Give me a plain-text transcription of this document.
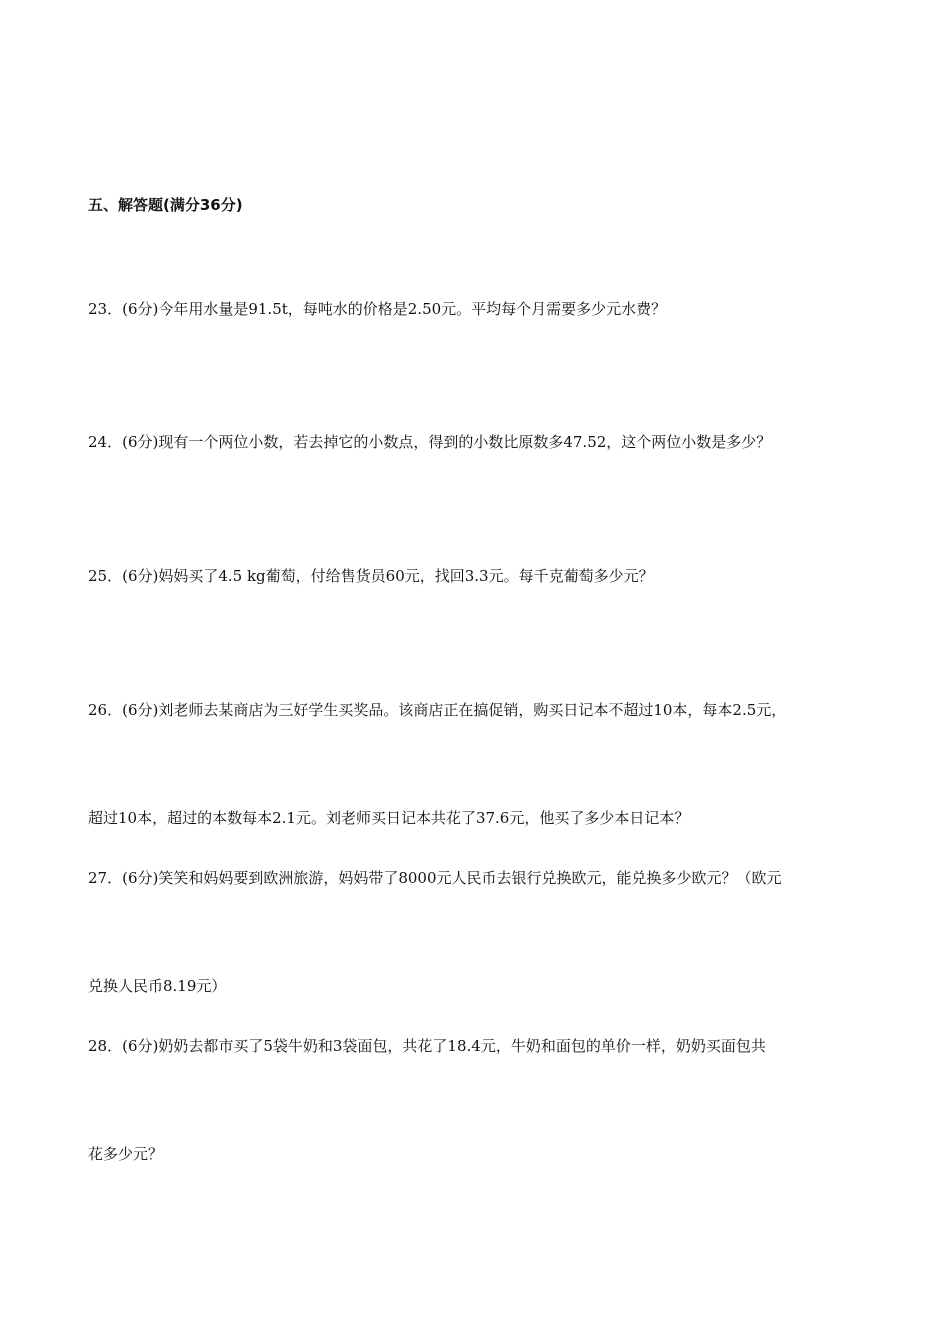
五、解答题(满分36分)

23．(6分)今年用水量是91.5t，每吨水的价格是2.50元。平均每个月需要多少元水费？

24．(6分)现有一个两位小数，若去掉它的小数点，得到的小数比原数多47.52，这个两位小数是多少？

25．(6分)妈妈买了4.5 kg葡萄，付给售货员60元，找回3.3元。每千克葡萄多少元？

26．(6分)刘老师去某商店为三好学生买奖品。该商店正在搞促销，购买日记本不超过10本，每本2.5元，

超过10本，超过的本数每本2.1元。刘老师买日记本共花了37.6元，他买了多少本日记本？

27．(6分)笑笑和妈妈要到欧洲旅游，妈妈带了8000元人民币去银行兑换欧元，能兑换多少欧元？（欧元

兑换人民币8.19元）

28．(6分)奶奶去都市买了5袋牛奶和3袋面包，共花了18.4元，牛奶和面包的单价一样，奶奶买面包共

花多少元？
